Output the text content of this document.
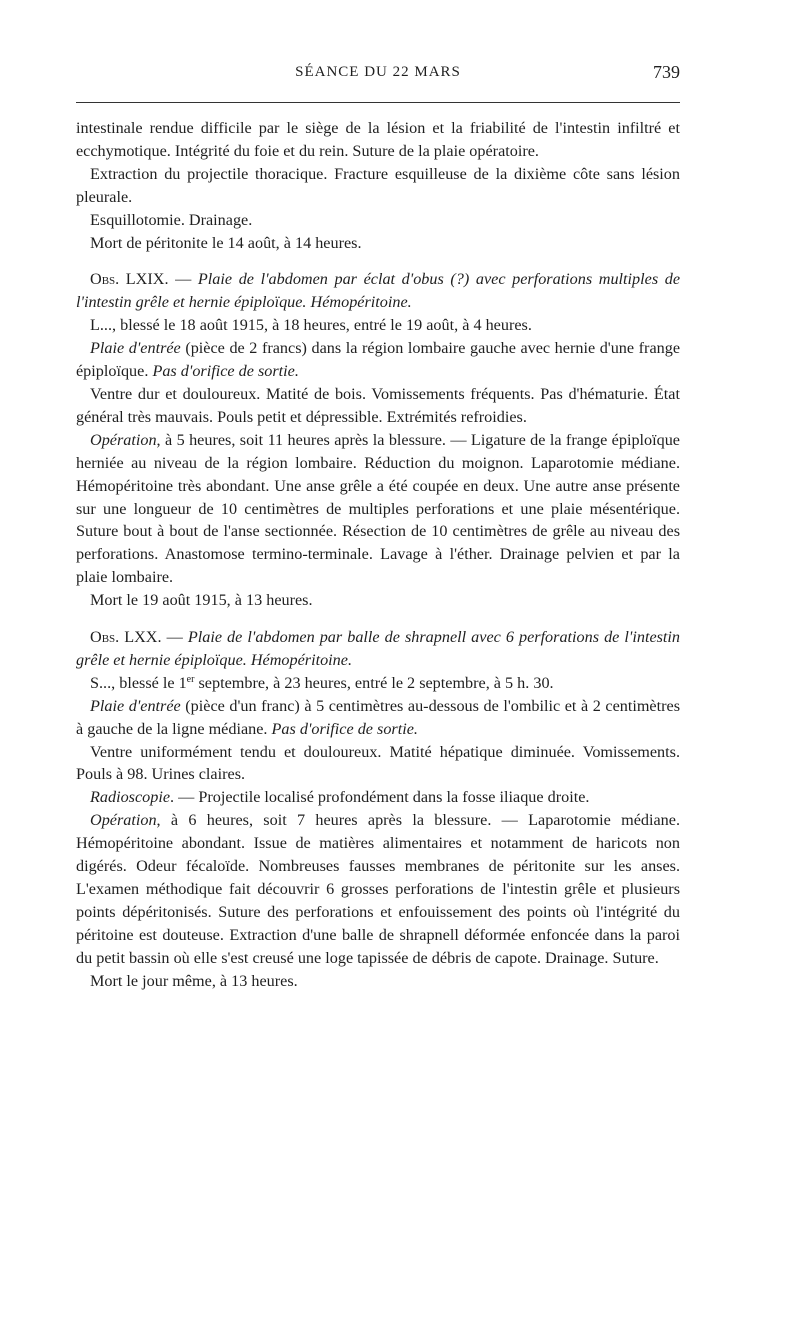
SÉANCE DU 22 MARS	739

intestinale rendue difficile par le siège de la lésion et la friabilité de l'intestin infiltré et ecchymotique. Intégrité du foie et du rein. Suture de la plaie opératoire.

Extraction du projectile thoracique. Fracture esquilleuse de la dixième côte sans lésion pleurale.

Esquillotomie. Drainage.

Mort de péritonite le 14 août, à 14 heures.

Obs. LXIX. — Plaie de l'abdomen par éclat d'obus (?) avec perforations multiples de l'intestin grêle et hernie épiploïque. Hémopéritoine.

L..., blessé le 18 août 1915, à 18 heures, entré le 19 août, à 4 heures.

Plaie d'entrée (pièce de 2 francs) dans la région lombaire gauche avec hernie d'une frange épiploïque. Pas d'orifice de sortie.

Ventre dur et douloureux. Matité de bois. Vomissements fréquents. Pas d'hématurie. État général très mauvais. Pouls petit et dépressible. Extrémités refroidies.

Opération, à 5 heures, soit 11 heures après la blessure. — Ligature de la frange épiploïque herniée au niveau de la région lombaire. Réduction du moignon. Laparotomie médiane. Hémopéritoine très abondant. Une anse grêle a été coupée en deux. Une autre anse présente sur une longueur de 10 centimètres de multiples perforations et une plaie mésentérique. Suture bout à bout de l'anse sectionnée. Résection de 10 centimètres de grêle au niveau des perforations. Anastomose termino-terminale. Lavage à l'éther. Drainage pelvien et par la plaie lombaire.

Mort le 19 août 1915, à 13 heures.

Obs. LXX. — Plaie de l'abdomen par balle de shrapnell avec 6 perforations de l'intestin grêle et hernie épiploïque. Hémopéritoine.

S..., blessé le 1er septembre, à 23 heures, entré le 2 septembre, à 5 h. 30.

Plaie d'entrée (pièce d'un franc) à 5 centimètres au-dessous de l'ombilic et à 2 centimètres à gauche de la ligne médiane. Pas d'orifice de sortie.

Ventre uniformément tendu et douloureux. Matité hépatique diminuée. Vomissements. Pouls à 98. Urines claires.

Radioscopie. — Projectile localisé profondément dans la fosse iliaque droite.

Opération, à 6 heures, soit 7 heures après la blessure. — Laparotomie médiane. Hémopéritoine abondant. Issue de matières alimentaires et notamment de haricots non digérés. Odeur fécaloïde. Nombreuses fausses membranes de péritonite sur les anses. L'examen méthodique fait découvrir 6 grosses perforations de l'intestin grêle et plusieurs points dépéritonisés. Suture des perforations et enfouissement des points où l'intégrité du péritoine est douteuse. Extraction d'une balle de shrapnell déformée enfoncée dans la paroi du petit bassin où elle s'est creusé une loge tapissée de débris de capote. Drainage. Suture.

Mort le jour même, à 13 heures.
